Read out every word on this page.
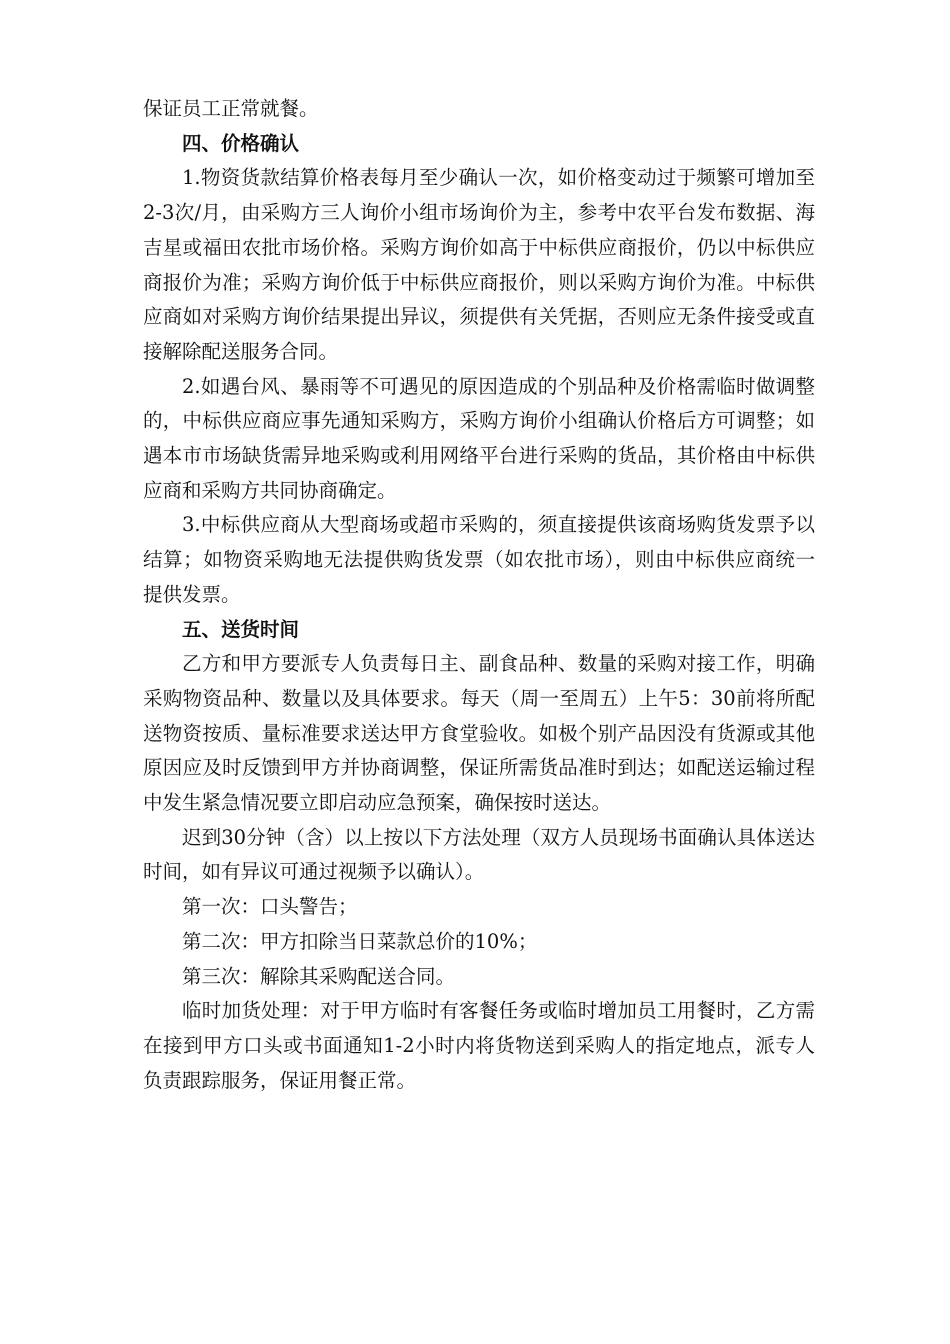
保证员工正常就餐。

四、价格确认

1.物资货款结算价格表每月至少确认一次，如价格变动过于频繁可增加至2-3次/月，由采购方三人询价小组市场询价为主，参考中农平台发布数据、海吉星或福田农批市场价格。采购方询价如高于中标供应商报价，仍以中标供应商报价为准；采购方询价低于中标供应商报价，则以采购方询价为准。中标供应商如对采购方询价结果提出异议，须提供有关凭据，否则应无条件接受或直接解除配送服务合同。

2.如遇台风、暴雨等不可遇见的原因造成的个别品种及价格需临时做调整的，中标供应商应事先通知采购方，采购方询价小组确认价格后方可调整；如遇本市市场缺货需异地采购或利用网络平台进行采购的货品，其价格由中标供应商和采购方共同协商确定。

3.中标供应商从大型商场或超市采购的，须直接提供该商场购货发票予以结算；如物资采购地无法提供购货发票（如农批市场），则由中标供应商统一提供发票。

五、送货时间

乙方和甲方要派专人负责每日主、副食品种、数量的采购对接工作，明确采购物资品种、数量以及具体要求。每天（周一至周五）上午5：30前将所配送物资按质、量标准要求送达甲方食堂验收。如极个别产品因没有货源或其他原因应及时反馈到甲方并协商调整，保证所需货品准时到达；如配送运输过程中发生紧急情况要立即启动应急预案，确保按时送达。

迟到30分钟（含）以上按以下方法处理（双方人员现场书面确认具体送达时间，如有异议可通过视频予以确认）。

第一次：口头警告；

第二次：甲方扣除当日菜款总价的10%；

第三次：解除其采购配送合同。

临时加货处理：对于甲方临时有客餐任务或临时增加员工用餐时，乙方需在接到甲方口头或书面通知1-2小时内将货物送到采购人的指定地点，派专人负责跟踪服务，保证用餐正常。
